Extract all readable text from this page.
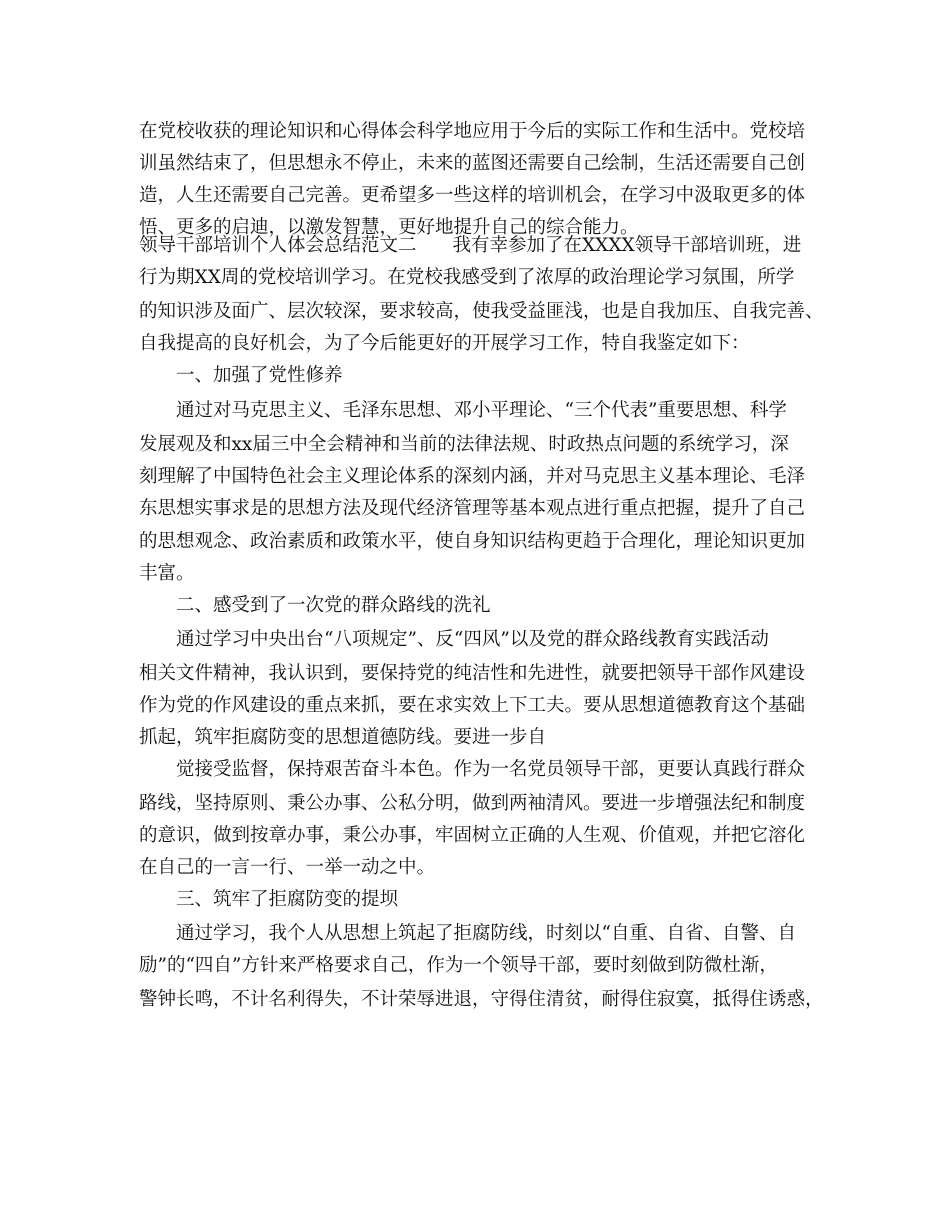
在党校收获的理论知识和心得体会科学地应用于今后的实际工作和生活中。党校培
训虽然结束了，但思想永不停止，未来的蓝图还需要自己绘制，生活还需要自己创
造，人生还需要自己完善。更希望多一些这样的培训机会，在学习中汲取更多的体
悟、更多的启迪，以激发智慧，更好地提升自己的综合能力。
领导干部培训个人体会总结范文二 我有幸参加了在XXXX领导干部培训班，进
行为期XX周的党校培训学习。在党校我感受到了浓厚的政治理论学习氛围，所学
的知识涉及面广、层次较深，要求较高，使我受益匪浅，也是自我加压、自我完善、
自我提高的良好机会，为了今后能更好的开展学习工作，特自我鉴定如下：
一、加强了党性修养
通过对马克思主义、毛泽东思想、邓小平理论、“三个代表”重要思想、科学
发展观及和xx届三中全会精神和当前的法律法规、时政热点问题的系统学习，深
刻理解了中国特色社会主义理论体系的深刻内涵，并对马克思主义基本理论、毛泽
东思想实事求是的思想方法及现代经济管理等基本观点进行重点把握，提升了自己
的思想观念、政治素质和政策水平，使自身知识结构更趋于合理化，理论知识更加
丰富。
二、感受到了一次党的群众路线的洗礼
通过学习中央出台“八项规定”、反“四风”以及党的群众路线教育实践活动
相关文件精神，我认识到，要保持党的纯洁性和先进性，就要把领导干部作风建设
作为党的作风建设的重点来抓，要在求实效上下工夫。要从思想道德教育这个基础
抓起，筑牢拒腐防变的思想道德防线。要进一步自
觉接受监督，保持艰苦奋斗本色。作为一名党员领导干部，更要认真践行群众
路线，坚持原则、秉公办事、公私分明，做到两袖清风。要进一步增强法纪和制度
的意识，做到按章办事，秉公办事，牢固树立正确的人生观、价值观，并把它溶化
在自己的一言一行、一举一动之中。
三、筑牢了拒腐防变的提坝
通过学习，我个人从思想上筑起了拒腐防线，时刻以“自重、自省、自警、自
励”的“四自”方针来严格要求自己，作为一个领导干部，要时刻做到防微杜渐，
警钟长鸣，不计名利得失，不计荣辱进退，守得住清贫，耐得住寂寞，抵得住诱惑，
